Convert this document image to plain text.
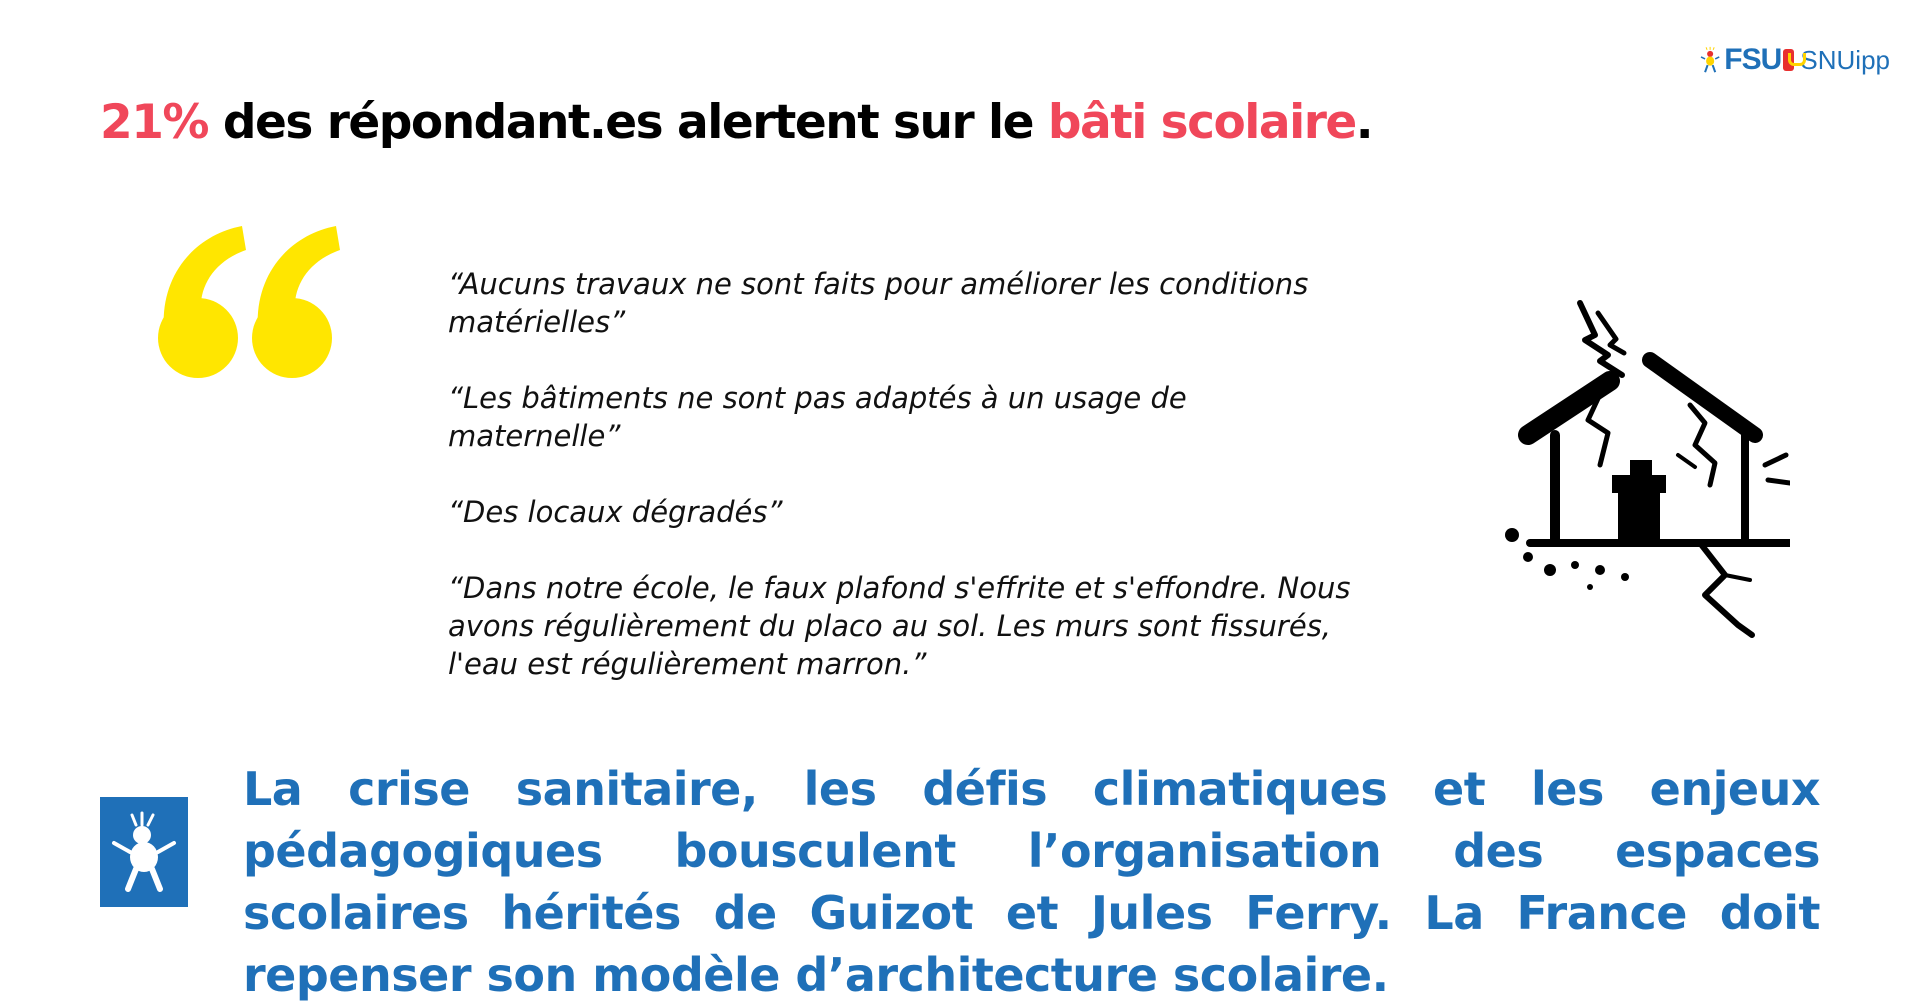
FSU SNUipp
21% des répondant.es alertent sur le bâti scolaire.

“Aucuns travaux ne sont faits pour améliorer les conditions matérielles”

“Les bâtiments ne sont pas adaptés à un usage de maternelle”

“Des locaux dégradés”

“Dans notre école, le faux plafond s'effrite et s'effondre. Nous avons régulièrement du placo au sol. Les murs sont fissurés, l'eau est régulièrement marron.”

La crise sanitaire, les défis climatiques et les enjeux pédagogiques bousculent l’organisation des espaces scolaires hérités de Guizot et Jules Ferry. La France doit repenser son modèle d’architecture scolaire.
